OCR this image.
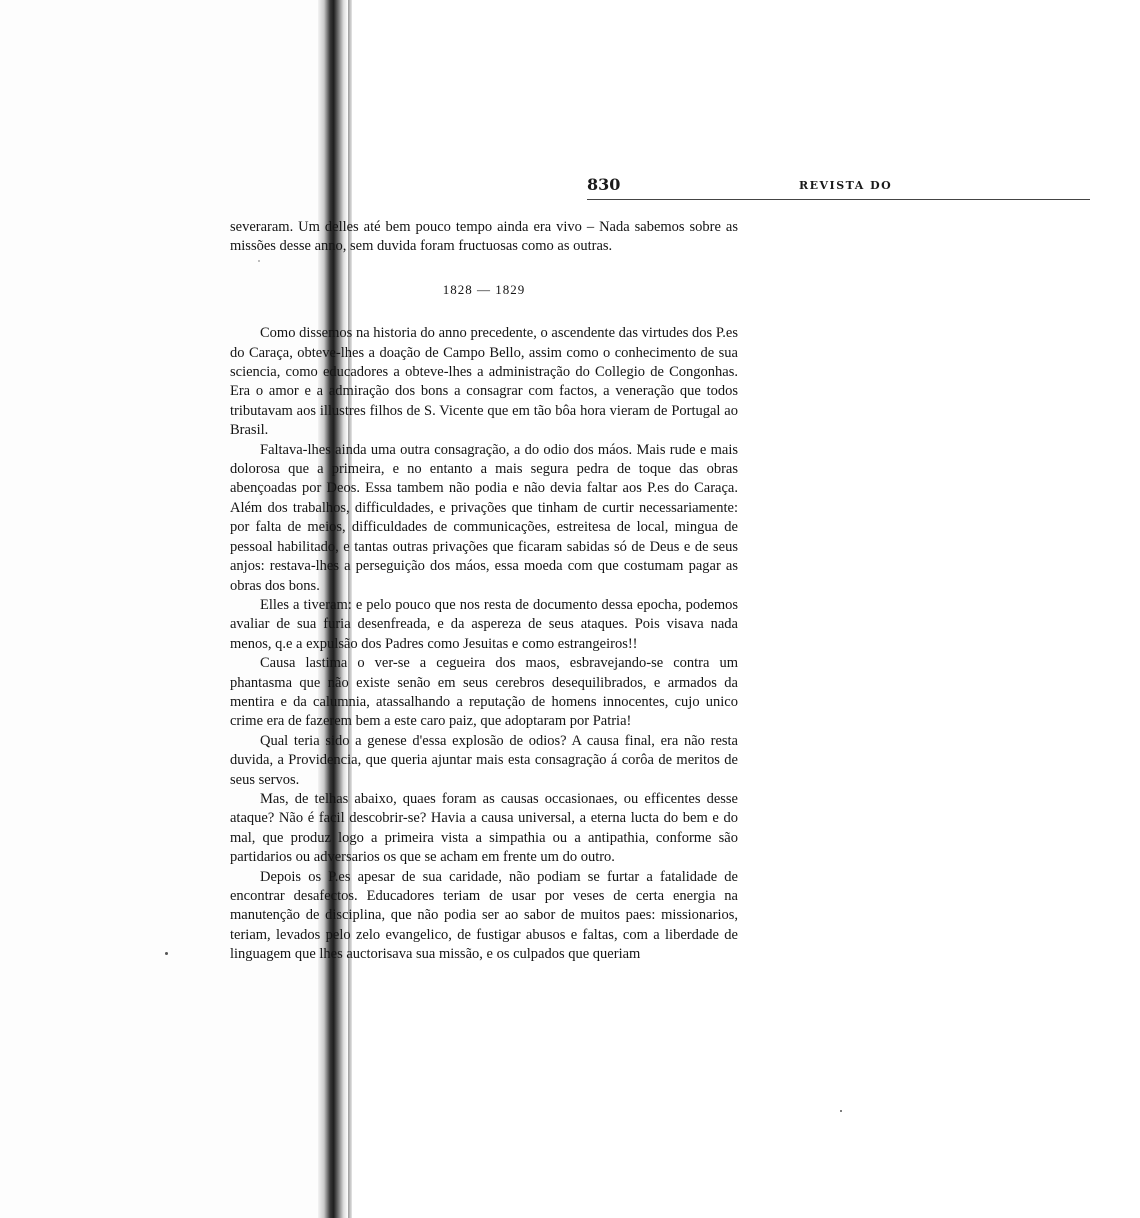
830	REVISTA DO

severaram. Um delles até bem pouco tempo ainda era vivo – Nada sabemos sobre as missões desse anno, sem duvida foram fructuosas como as outras.

1828 — 1829

Como dissemos na historia do anno precedente, o ascendente das virtudes dos P.es do Caraça, obteve-lhes a doação de Campo Bello, assim como o conhecimento de sua sciencia, como educadores a obteve-lhes a administração do Collegio de Congonhas. Era o amor e a admiração dos bons a consagrar com factos, a veneração que todos tributavam aos illustres filhos de S. Vicente que em tão bôa hora vieram de Portugal ao Brasil.

Faltava-lhes ainda uma outra consagração, a do odio dos máos. Mais rude e mais dolorosa que a primeira, e no entanto a mais segura pedra de toque das obras abençoadas por Deos. Essa tambem não podia e não devia faltar aos P.es do Caraça. Além dos trabalhos, difficuldades, e privações que tinham de curtir necessariamente: por falta de meios, difficuldades de communicações, estreitesa de local, mingua de pessoal habilitado, e tantas outras privações que ficaram sabidas só de Deus e de seus anjos: restava-lhes a perseguição dos máos, essa moeda com que costumam pagar as obras dos bons.

Elles a tiveram: e pelo pouco que nos resta de documento dessa epocha, podemos avaliar de sua furia desenfreada, e da asperezа de seus ataques. Pois visava nada menos, q.e a expulsão dos Padres como Jesuitas e como estrangeiros!!

Causa lastima o ver-se a cegueira dos maos, esbravejando-se contra um phantasma que não existe senão em seus cerebros desequilibrados, e armados da mentira e da calumnia, atassalhando a reputação de homens innocentes, cujo unico crime era de fazerem bem a este caro paiz, que adoptaram por Patria!

Qual teria sido a genese d'essa explosão de odios? A causa final, era não resta duvida, a Providencia, que queria ajuntar mais esta consagração á corôa de meritos de seus servos.

Mas, de telhas abaixo, quaes foram as causas occasionaes, ou efficentes desse ataque? Não é facil descobrir-se? Havia a causa universal, a eterna lucta do bem e do mal, que produz logo a primeira vista a simpathia ou a antipathia, conforme são partidarios ou adversarios os que se acham em frente um do outro.

Depois os P.es apesar de sua caridade, não podiam se furtar a fatalidade de encontrar desafectos. Educadores teriam de usar por veses de certa energia na manutenção de disciplina, que não podia ser ao sabor de muitos paes: missionarios, teriam, levados pelo zelo evangelico, de fustigar abusos e faltas, com a liberdade de linguagem que lhes auctorisava sua missão, e os culpados que queriam
